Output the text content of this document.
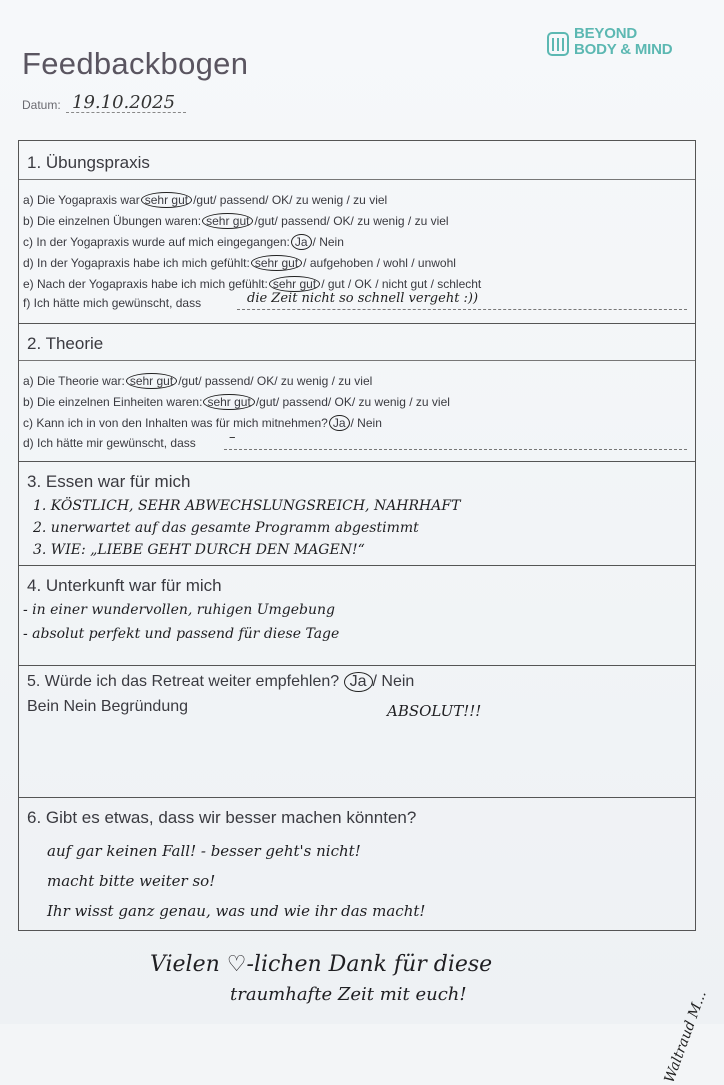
Feedbackbogen
BEYOND
BODY & MIND
Datum: 19.10.2025
1. Übungspraxis
a) Die Yogapraxis war sehr gut /gut/ passend/ OK/ zu wenig / zu viel
b) Die einzelnen Übungen waren: sehr gut /gut/ passend/ OK/ zu wenig / zu viel
c) In der Yogapraxis wurde auf mich eingegangen: Ja / Nein
d) In der Yogapraxis habe ich mich gefühlt: sehr gut / aufgehoben / wohl / unwohl
e) Nach der Yogapraxis habe ich mich gefühlt: sehr gut / gut / OK / nicht gut / schlecht
f) Ich hätte mich gewünscht, dass	die Zeit nicht so schnell vergeht :))
2. Theorie
a) Die Theorie war: sehr gut /gut/ passend/ OK/ zu wenig / zu viel
b) Die einzelnen Einheiten waren: sehr gut /gut/ passend/ OK/ zu wenig / zu viel
c) Kann ich in von den Inhalten was für mich mitnehmen? Ja / Nein
d) Ich hätte mir gewünscht, dass	–
3. Essen war für mich
1. KÖSTLICH, SEHR ABWECHSLUNGSREICH, NAHRHAFT
2. unerwartet auf das gesamte Programm abgestimmt
3. WIE: „LIEBE GEHT DURCH DEN MAGEN!“
4. Unterkunft war für mich
- in einer wundervollen, ruhigen Umgebung
- absolut perfekt und passend für diese Tage
5. Würde ich das Retreat weiter empfehlen? Ja / Nein
Bein Nein Begründung	ABSOLUT!!!
6. Gibt es etwas, dass wir besser machen könnten?
auf gar keinen Fall! - besser geht's nicht!
macht bitte weiter so!
Ihr wisst ganz genau, was und wie ihr das macht!
Vielen ♡-lichen Dank für diese
traumhafte Zeit mit euch!	Waltraud M...
